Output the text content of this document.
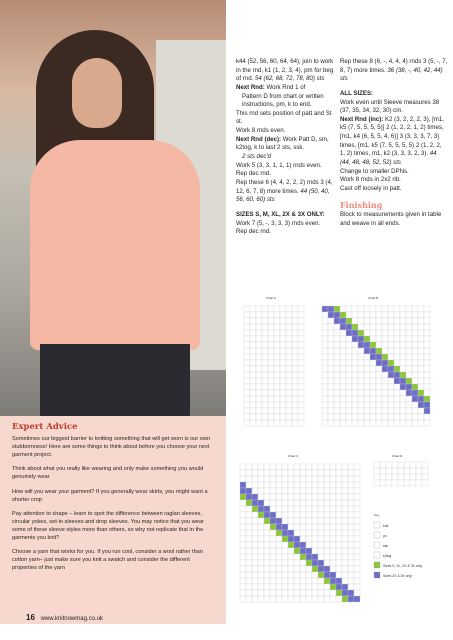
Expert Advice

Sometimes our biggest barrier to knitting something that will get worn is our own stubbornness! Here are some things to think about before you choose your next garment project.

Think about what you really like wearing and only make something you would genuinely wear

How will you wear your garment? If you generally wear skirts, you might want a shorter crop

Pay attention to shape – learn to spot the difference between raglan sleeves, circular yokes, set-in sleeves and drop sleeves. You may notice that you wear some of these sleeve styles more than others, so why not replicate that in the garments you knit?

Choose a yarn that works for you. If you run cool, consider a wool rather than cotton yarn– just make sure you knit a swatch and consider the different properties of the yarn

k44 (52, 56, 60, 64, 64), join to work in the rnd, k1 (1, 2, 3, 4), pm for beg of rnd. 54 (62, 68, 72, 78, 80) sts

Next Rnd: Work Rnd 1 of

Pattern D from chart or written instructions, pm, k to end.

This rnd sets position of patt and St st.

Work 8 rnds even.

Next Rnd (dec): Work Patt D, sm, k2tog, k to last 2 sts, ssk.

2 sts dec'd

Work 5 (3, 3, 1, 1, 1) rnds even.

Rep dec rnd.

Rep these 6 (4, 4, 2, 2, 2) rnds 3 (4, 12, 6, 7, 8) more times. 44 (50, 40, 56, 60, 60) sts

SIZES S, M, XL, 2X & 3X ONLY:

Work 7 (5, -, 3, 3, 3) rnds even.

Rep dec rnd.

Rep these 8 (6, -, 4, 4, 4) rnds 3 (5, -, 7, 8, 7) more times. 36 (38, -, 40, 42, 44) sts

ALL SIZES:

Work even until Sleeve measures 38 (37, 35, 34, 32, 30) cm.

Next Rnd (inc): K2 (3, 2, 2, 2, 3), [m1, k5 (7, 5, 5, 5, 5)] 2 (1, 2, 2, 1, 2) times, [m1, k4 (6, 5, 5, 4, 6)] 3 (3, 3, 3, 7, 3) times, [m1, k5 (7, 5, 5, 5, 5) 2 (1, 2, 2, 1, 2) times, m1, k2 (3, 3, 3, 2, 3). 44 (44, 48, 48, 52, 52) sts

Change to smaller DPNs.

Work 8 rnds in 2x2 rib.

Cast off loosely in patt.

Finishing

Block to measurements given in table and weave in all ends.

Chart A	Chart B
Chart C	Chart D
Key
knit
yo
ssk
k2tog
Sizes S, XL, 2X & 3X only
Sizes 2X & 3X only
16 www.knitnowmag.co.uk
